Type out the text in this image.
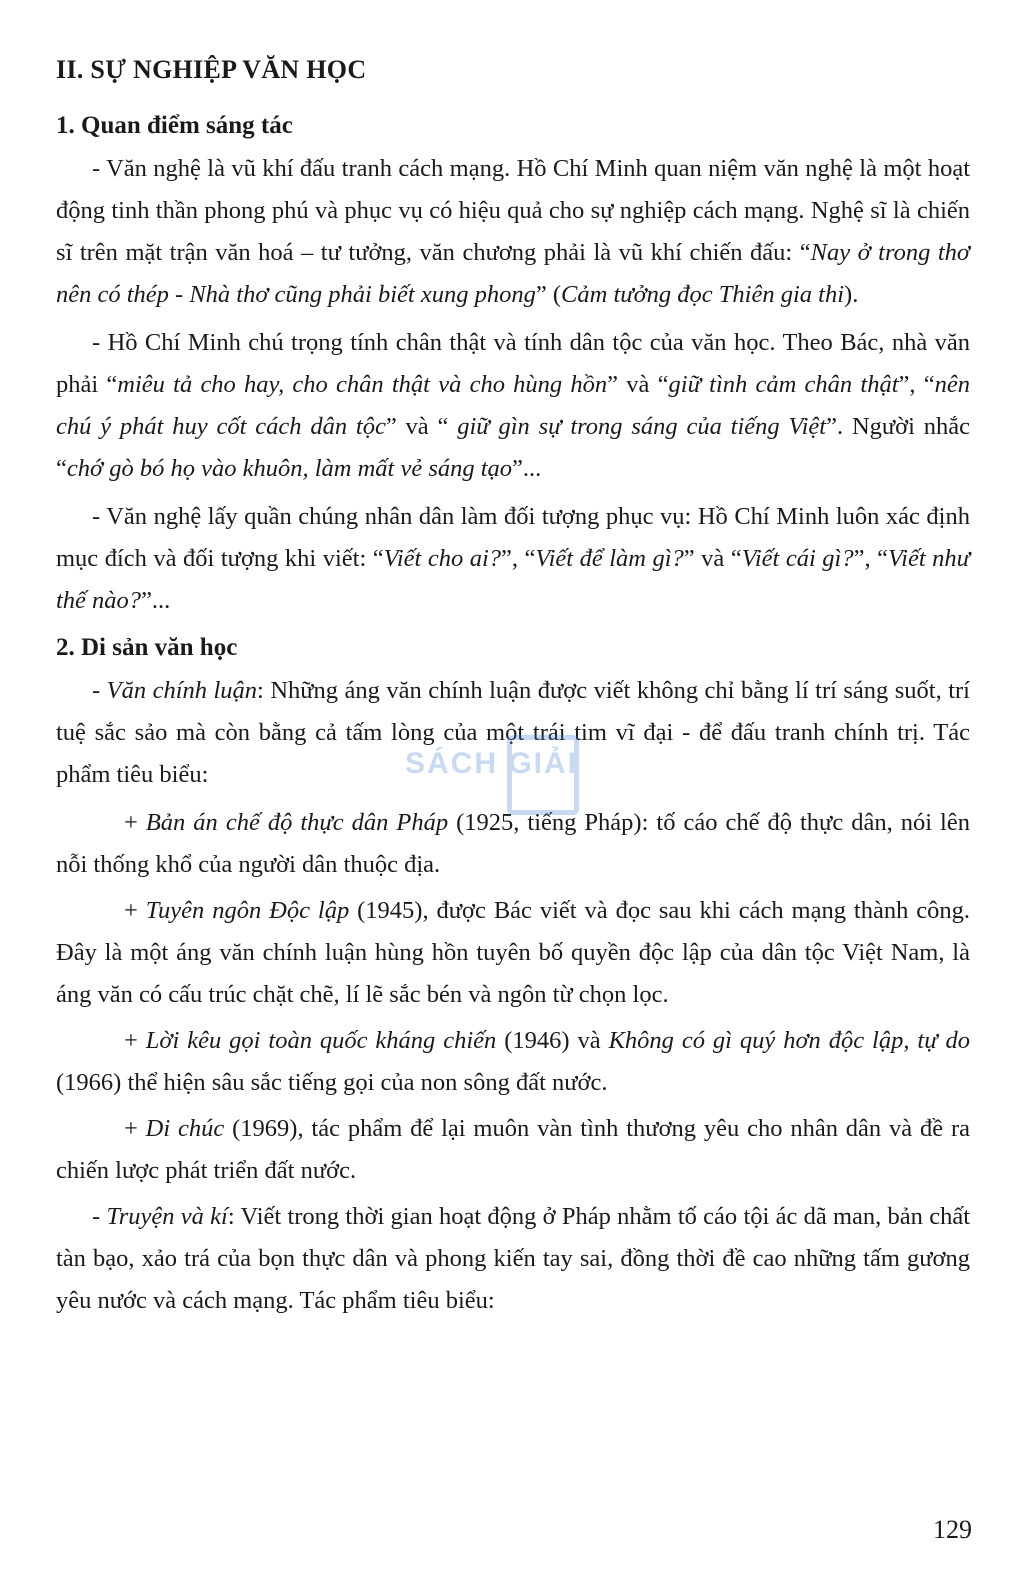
II. SỰ NGHIỆP VĂN HỌC
1. Quan điểm sáng tác

- Văn nghệ là vũ khí đấu tranh cách mạng. Hồ Chí Minh quan niệm văn nghệ là một hoạt động tinh thần phong phú và phục vụ có hiệu quả cho sự nghiệp cách mạng. Nghệ sĩ là chiến sĩ trên mặt trận văn hoá – tư tưởng, văn chương phải là vũ khí chiến đấu: “Nay ở trong thơ nên có thép - Nhà thơ cũng phải biết xung phong” (Cảm tưởng đọc Thiên gia thi).

- Hồ Chí Minh chú trọng tính chân thật và tính dân tộc của văn học. Theo Bác, nhà văn phải “miêu tả cho hay, cho chân thật và cho hùng hồn” và “giữ tình cảm chân thật”, “nên chú ý phát huy cốt cách dân tộc” và “ giữ gìn sự trong sáng của tiếng Việt”. Người nhắc “chớ gò bó họ vào khuôn, làm mất vẻ sáng tạo”...

- Văn nghệ lấy quần chúng nhân dân làm đối tượng phục vụ: Hồ Chí Minh luôn xác định mục đích và đối tượng khi viết: “Viết cho ai?”, “Viết để làm gì?” và “Viết cái gì?”, “Viết như thế nào?”...

2. Di sản văn học

- Văn chính luận: Những áng văn chính luận được viết không chỉ bằng lí trí sáng suốt, trí tuệ sắc sảo mà còn bằng cả tấm lòng của một trái tim vĩ đại - để đấu tranh chính trị. Tác phẩm tiêu biểu:

+ Bản án chế độ thực dân Pháp (1925, tiếng Pháp): tố cáo chế độ thực dân, nói lên nỗi thống khổ của người dân thuộc địa.

+ Tuyên ngôn Độc lập (1945), được Bác viết và đọc sau khi cách mạng thành công. Đây là một áng văn chính luận hùng hồn tuyên bố quyền độc lập của dân tộc Việt Nam, là áng văn có cấu trúc chặt chẽ, lí lẽ sắc bén và ngôn từ chọn lọc.

+ Lời kêu gọi toàn quốc kháng chiến (1946) và Không có gì quý hơn độc lập, tự do (1966) thể hiện sâu sắc tiếng gọi của non sông đất nước.

+ Di chúc (1969), tác phẩm để lại muôn vàn tình thương yêu cho nhân dân và đề ra chiến lược phát triển đất nước.

- Truyện và kí: Viết trong thời gian hoạt động ở Pháp nhằm tố cáo tội ác dã man, bản chất tàn bạo, xảo trá của bọn thực dân và phong kiến tay sai, đồng thời đề cao những tấm gương yêu nước và cách mạng. Tác phẩm tiêu biểu:

SÁCH GIẢI
129
